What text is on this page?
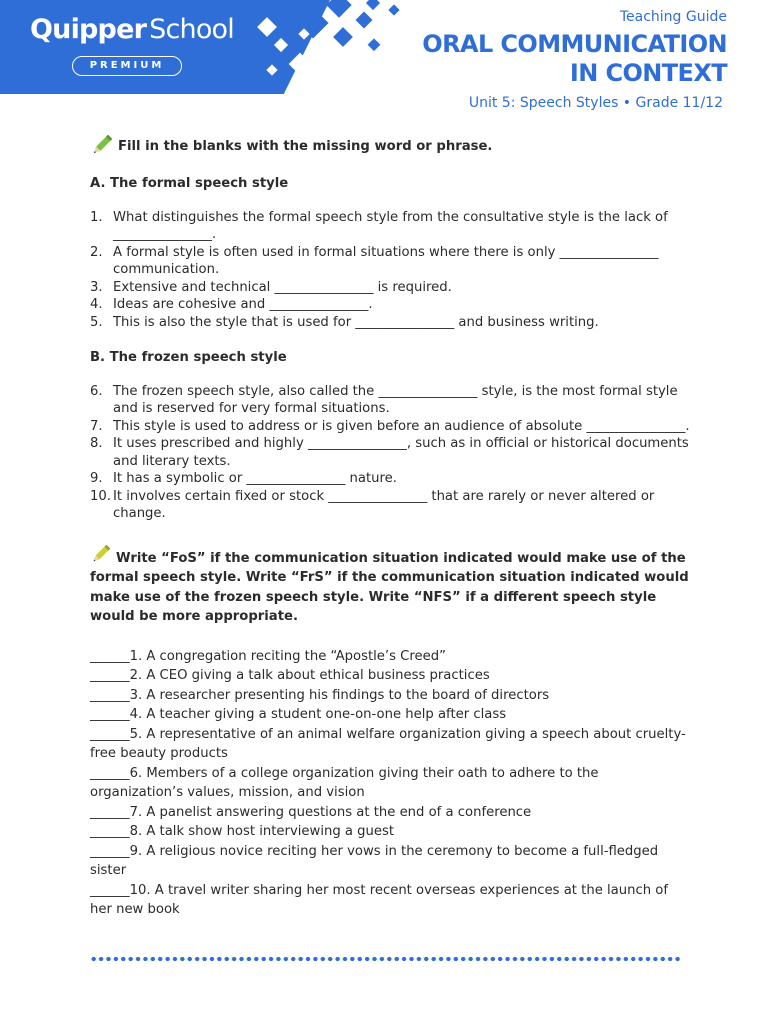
Quipper School
PREMIUM
Teaching Guide
ORAL COMMUNICATION
IN CONTEXT
Unit 5: Speech Styles • Grade 11/12
Fill in the blanks with the missing word or phrase.
A. The formal speech style
1. What distinguishes the formal speech style from the consultative style is the lack of _______________.
2. A formal style is often used in formal situations where there is only _______________ communication.
3. Extensive and technical _______________ is required.
4. Ideas are cohesive and _______________.
5. This is also the style that is used for _______________ and business writing.
B. The frozen speech style
6. The frozen speech style, also called the _______________ style, is the most formal style and is reserved for very formal situations.
7. This style is used to address or is given before an audience of absolute _______________.
8. It uses prescribed and highly _______________, such as in official or historical documents and literary texts.
9. It has a symbolic or _______________ nature.
10. It involves certain fixed or stock _______________ that are rarely or never altered or change.
Write “FoS” if the communication situation indicated would make use of the formal speech style. Write “FrS” if the communication situation indicated would make use of the frozen speech style. Write “NFS” if a different speech style would be more appropriate.
______1. A congregation reciting the “Apostle’s Creed”
______2. A CEO giving a talk about ethical business practices
______3. A researcher presenting his findings to the board of directors
______4. A teacher giving a student one-on-one help after class
______5. A representative of an animal welfare organization giving a speech about cruelty-free beauty products
______6. Members of a college organization giving their oath to adhere to the organization’s values, mission, and vision
______7. A panelist answering questions at the end of a conference
______8. A talk show host interviewing a guest
______9. A religious novice reciting her vows in the ceremony to become a full-fledged sister
______10. A travel writer sharing her most recent overseas experiences at the launch of her new book
